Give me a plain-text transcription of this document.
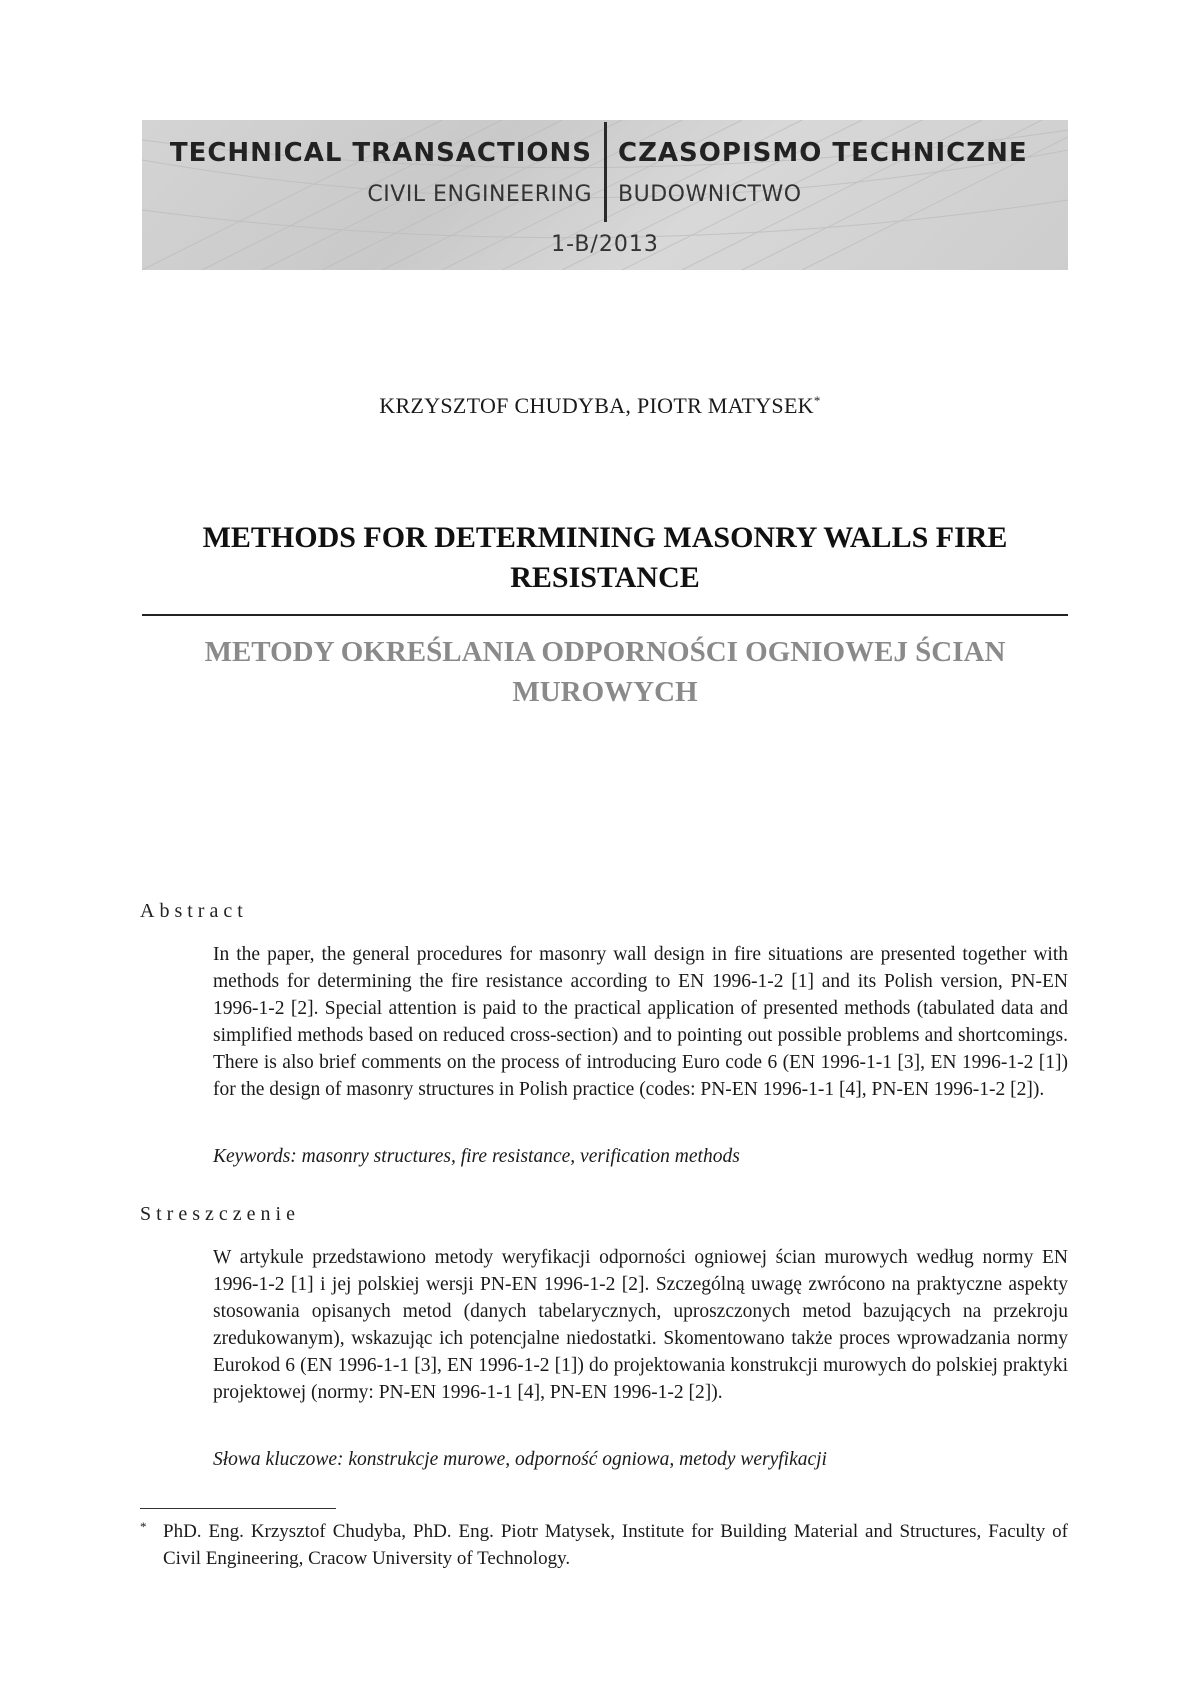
TECHNICAL TRANSACTIONS CZASOPISMO TECHNICZNE
CIVIL ENGINEERING BUDOWNICTWO
1-B/2013
KRZYSZTOF CHUDYBA, PIOTR MATYSEK*
METHODS FOR DETERMINING MASONRY WALLS FIRE RESISTANCE
METODY OKREŚLANIA ODPORNOŚCI OGNIOWEJ ŚCIAN MUROWYCH
Abstract

In the paper, the general procedures for masonry wall design in fire situations are presented together with methods for determining the fire resistance according to EN 1996-1-2 [1] and its Polish version, PN-EN 1996-1-2 [2]. Special attention is paid to the practical application of presented methods (tabulated data and simplified methods based on reduced cross-section) and to pointing out possible problems and shortcomings. There is also brief comments on the process of introducing Euro code 6 (EN 1996-1-1 [3], EN 1996-1-2 [1]) for the design of masonry structures in Polish practice (codes: PN-EN 1996-1-1 [4], PN-EN 1996-1-2 [2]).

Keywords: masonry structures, fire resistance, verification methods
Streszczenie

W artykule przedstawiono metody weryfikacji odporności ogniowej ścian murowych według normy EN 1996-1-2 [1] i jej polskiej wersji PN-EN 1996-1-2 [2]. Szczególną uwagę zwrócono na praktyczne aspekty stosowania opisanych metod (danych tabelarycznych, uproszczonych metod bazujących na przekroju zredukowanym), wskazując ich potencjalne niedostatki. Skomentowano także proces wprowadzania normy Eurokod 6 (EN 1996-1-1 [3], EN 1996-1-2 [1]) do projektowania konstrukcji murowych do polskiej praktyki projektowej (normy: PN-EN 1996-1-1 [4], PN-EN 1996-1-2 [2]).

Słowa kluczowe: konstrukcje murowe, odporność ogniowa, metody weryfikacji
* PhD. Eng. Krzysztof Chudyba, PhD. Eng. Piotr Matysek, Institute for Building Material and Structures, Faculty of Civil Engineering, Cracow University of Technology.
